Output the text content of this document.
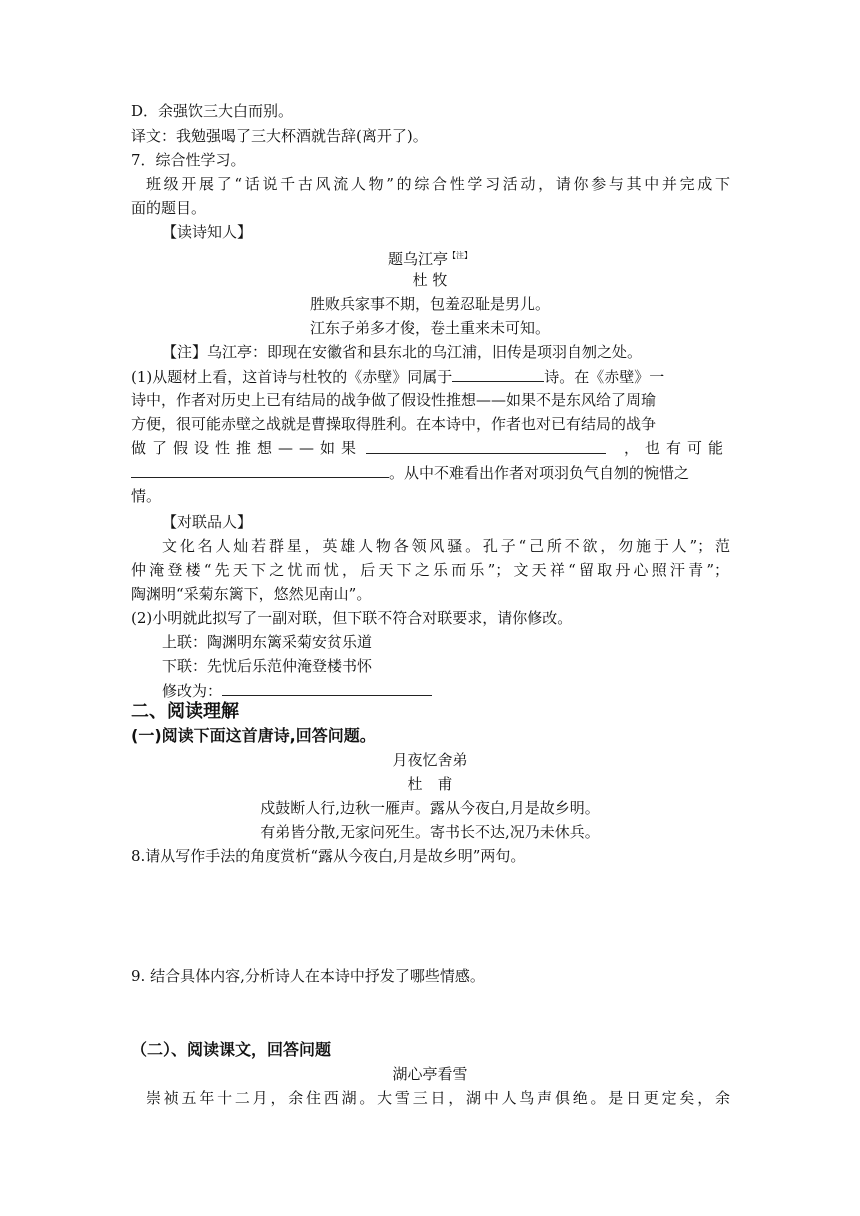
D．余强饮三大白而别。
译文：我勉强喝了三大杯酒就告辞(离开了)。
7．综合性学习。
班级开展了“话说千古风流人物”的综合性学习活动，请你参与其中并完成下
面的题目。
【读诗知人】
题乌江亭$^{【注】}$
杜 牧
胜败兵家事不期，包羞忍耻是男儿。
江东子弟多才俊，卷土重来未可知。
【注】乌江亭：即现在安徽省和县东北的乌江浦，旧传是项羽自刎之处。
(1)从题材上看，这首诗与杜牧的《赤壁》同属于	诗。在《赤壁》一
诗中，作者对历史上已有结局的战争做了假设性推想——如果不是东风给了周瑜
方便，很可能赤壁之战就是曹操取得胜利。在本诗中，作者也对已有结局的战争
做了假设性推想——如果	，也有可能
。从中不难看出作者对项羽负气自刎的惋惜之
情。
【对联品人】
文化名人灿若群星，英雄人物各领风骚。孔子“己所不欲，勿施于人”；范
仲淹登楼“先天下之忧而忧，后天下之乐而乐”；文天祥“留取丹心照汗青”；
陶渊明“采菊东篱下，悠然见南山”。
(2)小明就此拟写了一副对联，但下联不符合对联要求，请你修改。
上联：陶渊明东篱采菊安贫乐道
下联：先忧后乐范仲淹登楼书怀
修改为：
二、阅读理解
(一)阅读下面这首唐诗,回答问题。
月夜忆舍弟
杜　甫
戍鼓断人行,边秋一雁声。露从今夜白,月是故乡明。
有弟皆分散,无家问死生。寄书长不达,况乃未休兵。
8.请从写作手法的角度赏析“露从今夜白,月是故乡明”两句。
9. 结合具体内容,分析诗人在本诗中抒发了哪些情感。
（二）、阅读课文，回答问题
湖心亭看雪
崇祯五年十二月，余住西湖。大雪三日，湖中人鸟声俱绝。是日更定矣，余
